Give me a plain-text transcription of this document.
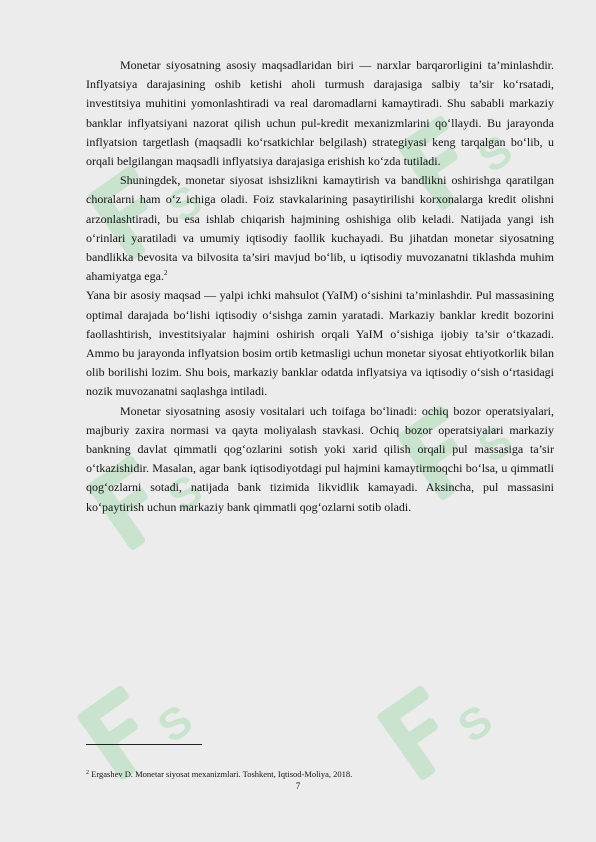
S
S
S
S
S	S

Monetar siyosatning asosiy maqsadlaridan biri — narxlar barqarorligini ta’minlashdir. Inflyatsiya darajasining oshib ketishi aholi turmush darajasiga salbiy ta’sir ko‘rsatadi, investitsiya muhitini yomonlashtiradi va real daromadlarni kamaytiradi. Shu sababli markaziy banklar inflyatsiyani nazorat qilish uchun pul-kredit mexanizmlarini qo‘llaydi. Bu jarayonda inflyatsion targetlash (maqsadli ko‘rsatkichlar belgilash) strategiyasi keng tarqalgan bo‘lib, u orqali belgilangan maqsadli inflyatsiya darajasiga erishish ko‘zda tutiladi.

Shuningdek, monetar siyosat ishsizlikni kamaytirish va bandlikni oshirishga qaratilgan choralarni ham o‘z ichiga oladi. Foiz stavkalarining pasaytirilishi korxonalarga kredit olishni arzonlashtiradi, bu esa ishlab chiqarish hajmining oshishiga olib keladi. Natijada yangi ish o‘rinlari yaratiladi va umumiy iqtisodiy faollik kuchayadi. Bu jihatdan monetar siyosatning bandlikka bevosita va bilvosita ta’siri mavjud bo‘lib, u iqtisodiy muvozanatni tiklashda muhim ahamiyatga ega.$^2$

Yana bir asosiy maqsad — yalpi ichki mahsulot (YaIM) o‘sishini ta’minlashdir. Pul massasining optimal darajada bo‘lishi iqtisodiy o‘sishga zamin yaratadi. Markaziy banklar kredit bozorini faollashtirish, investitsiyalar hajmini oshirish orqali YaIM o‘sishiga ijobiy ta’sir o‘tkazadi. Ammo bu jarayonda inflyatsion bosim ortib ketmasligi uchun monetar siyosat ehtiyotkorlik bilan olib borilishi lozim. Shu bois, markaziy banklar odatda inflyatsiya va iqtisodiy o‘sish o‘rtasidagi nozik muvozanatni saqlashga intiladi.

Monetar siyosatning asosiy vositalari uch toifaga bo‘linadi: ochiq bozor operatsiyalari, majburiy zaxira normasi va qayta moliyalash stavkasi. Ochiq bozor operatsiyalari markaziy bankning davlat qimmatli qog‘ozlarini sotish yoki xarid qilish orqali pul massasiga ta’sir o‘tkazishidir. Masalan, agar bank iqtisodiyotdagi pul hajmini kamaytirmoqchi bo‘lsa, u qimmatli qog‘ozlarni sotadi, natijada bank tizimida likvidlik kamayadi. Aksincha, pul massasini ko‘paytirish uchun markaziy bank qimmatli qog‘ozlarni sotib oladi.

$^2$ Ergashev D. Monetar siyosat mexanizmlari. Toshkent, Iqtisod-Moliya, 2018.
7
